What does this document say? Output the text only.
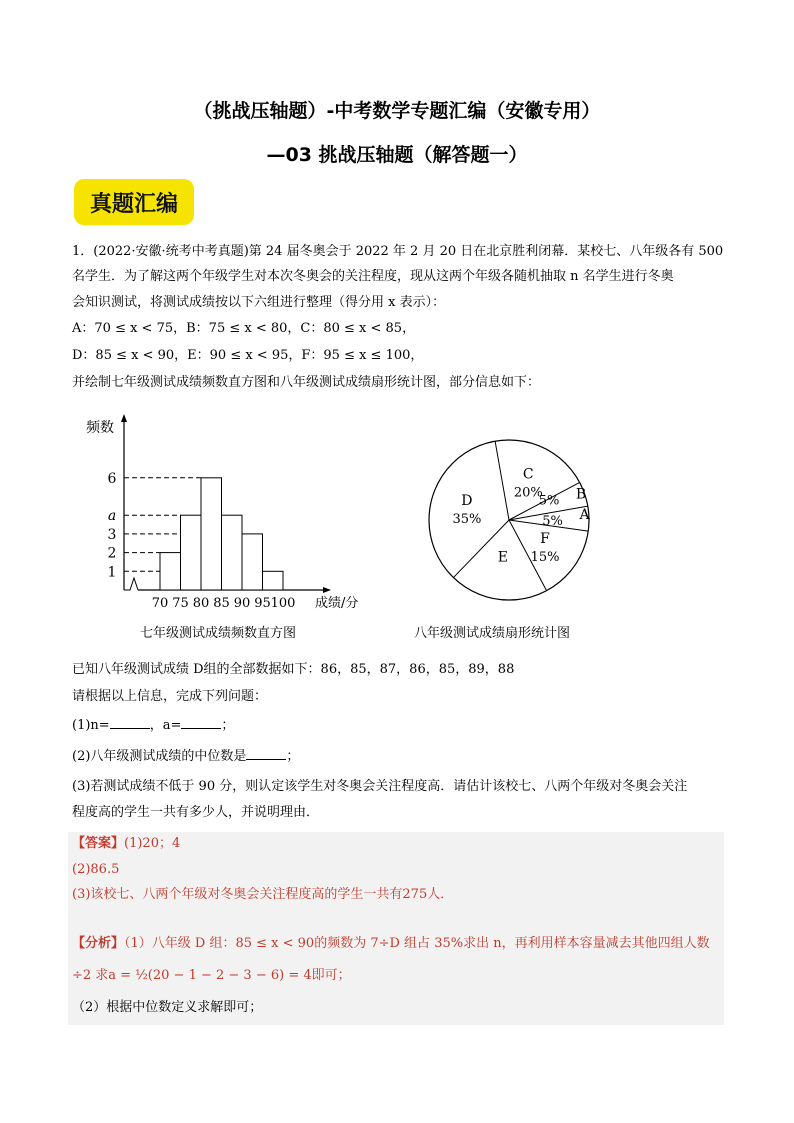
（挑战压轴题）-中考数学专题汇编（安徽专用）
—03 挑战压轴题（解答题一）
真题汇编
1．(2022·安徽·统考中考真题)第 24 届冬奥会于 2022 年 2 月 20 日在北京胜利闭幕．某校七、八年级各有 500
名学生．为了解这两个年级学生对本次冬奥会的关注程度，现从这两个年级各随机抽取 n 名学生进行冬奥
会知识测试，将测试成绩按以下六组进行整理（得分用 x 表示）：
A：70 ≤ x < 75，B：75 ≤ x < 80，C：80 ≤ x < 85，
D：85 ≤ x < 90，E：90 ≤ x < 95，F：95 ≤ x ≤ 100，
并绘制七年级测试成绩频数直方图和八年级测试成绩扇形统计图，部分信息如下：
频数
1
2
3
a
6
70 75 80 85 90 95 100 成绩/分
七年级测试成绩频数直方图
A
5%
B
5%
C
20%
D
35%
E
F
15%
八年级测试成绩扇形统计图
已知八年级测试成绩 D组的全部数据如下：86，85，87，86，85，89，88
请根据以上信息，完成下列问题：
(1)n=	，a=	；
(2)八年级测试成绩的中位数是	；
(3)若测试成绩不低于 90 分，则认定该学生对冬奥会关注程度高．请估计该校七、八两个年级对冬奥会关注
程度高的学生一共有多少人，并说明理由．
【答案】(1)20；4
(2)86.5
(3)该校七、八两个年级对冬奥会关注程度高的学生一共有275人．
【分析】（1）八年级 D 组：85 ≤ x < 90的频数为 7÷D 组占 35%求出 n，再利用样本容量减去其他四组人数
÷2 求a = ½(20 − 1 − 2 − 3 − 6) = 4即可；
（2）根据中位数定义求解即可；
